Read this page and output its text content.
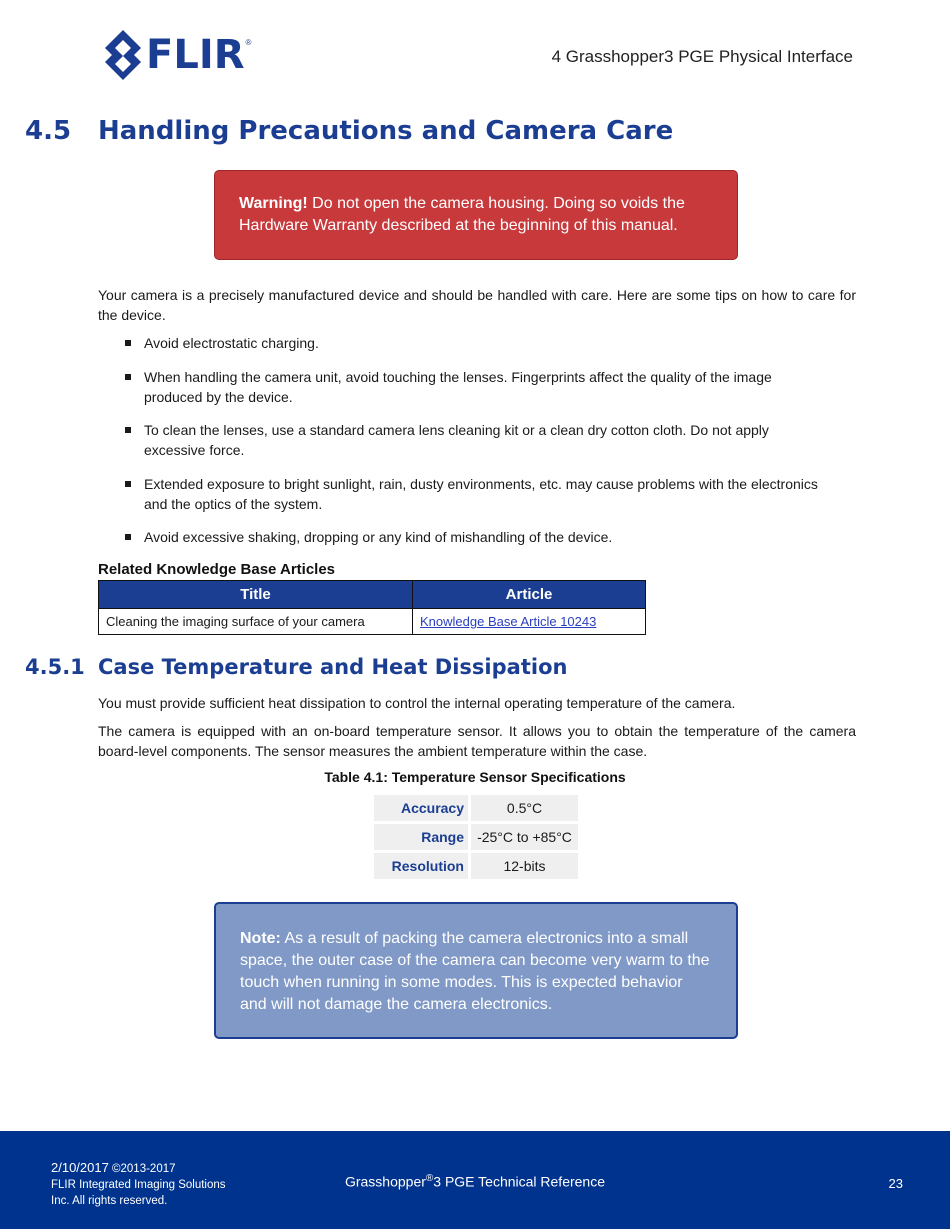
FLIR ®
4 Grasshopper3 PGE Physical Interface
4.5 Handling Precautions and Camera Care
Warning! Do not open the camera housing. Doing so voids the Hardware Warranty described at the beginning of this manual.
Your camera is a precisely manufactured device and should be handled with care. Here are some tips on how to care for the device.
Avoid electrostatic charging.
When handling the camera unit, avoid touching the lenses. Fingerprints affect the quality of the image produced by the device.
To clean the lenses, use a standard camera lens cleaning kit or a clean dry cotton cloth. Do not apply excessive force.
Extended exposure to bright sunlight, rain, dusty environments, etc. may cause problems with the electronics and the optics of the system.
Avoid excessive shaking, dropping or any kind of mishandling of the device.
Related Knowledge Base Articles
Title	Article
Cleaning the imaging surface of your camera	Knowledge Base Article 10243
4.5.1 Case Temperature and Heat Dissipation
You must provide sufficient heat dissipation to control the internal operating temperature of the camera.
The camera is equipped with an on-board temperature sensor. It allows you to obtain the temperature of the camera board-level components. The sensor measures the ambient temperature within the case.
Table 4.1: Temperature Sensor Specifications
Accuracy	0.5°C
Range -25°C to +85°C
Resolution	12-bits
Note: As a result of packing the camera electronics into a small space, the outer case of the camera can become very warm to the touch when running in some modes. This is expected behavior and will not damage the camera electronics.
2/10/2017 ©2013-2017
FLIR Integrated Imaging Solutions Inc. All rights reserved.
Grasshopper®3 PGE Technical Reference	23
